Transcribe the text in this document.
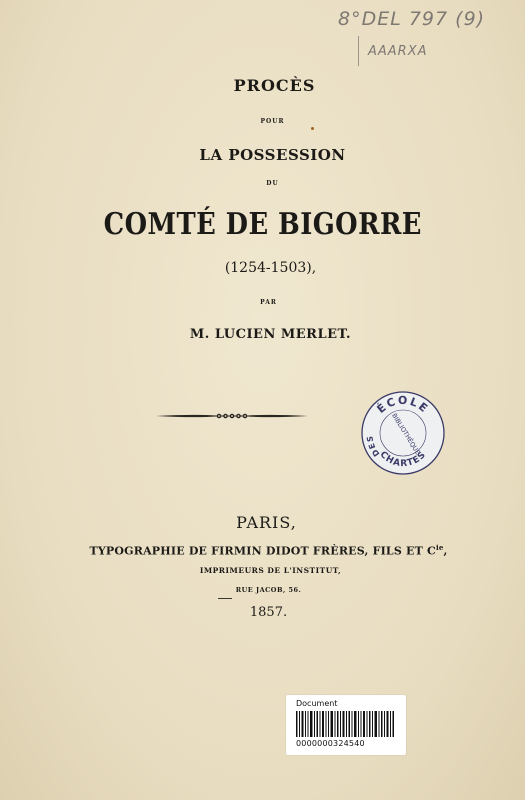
8°DEL 797 (9)
AAARXA
PROCÈS
POUR
LA POSSESSION
DU
COMTÉ DE BIGORRE
(1254-1503),
PAR
M. LUCIEN MERLET.
ÉCOLE
DES	BIBLIOTHÈQUE
CHARTES
PARIS,
TYPOGRAPHIE DE FIRMIN DIDOT FRÈRES, FILS ET $C^{ie}$,
IMPRIMEURS DE L'INSTITUT,
RUE JACOB, 56.
1857.
Document
0000000324540
